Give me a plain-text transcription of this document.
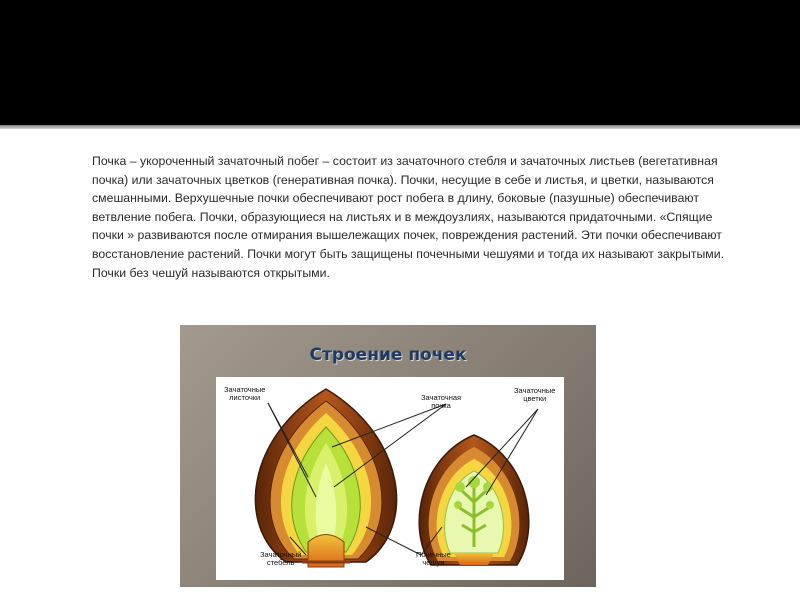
Почка – укороченный зачаточный побег – состоит из зачаточного стебля и зачаточных листьев (вегетативная почка) или зачаточных цветков (генеративная почка). Почки, несущие в себе и листья, и цветки, называются смешанными. Верхушечные почки обеспечивают рост побега в длину, боковые (пазушные) обеспечивают ветвление побега. Почки, образующиеся на листьях и в междоузлиях, называются придаточными. «Спящие почки » развиваются после отмирания вышележащих почек, повреждения растений. Эти почки обеспечивают восстановление растений. Почки могут быть защищены почечными чешуями и тогда их называют закрытыми. Почки без чешуй называются открытыми.

Строение почек
Зачаточные
листочки	Зачаточная
почка
Зачаточные
цветки
Зачаточный
стебель
Почечные
чешуи
